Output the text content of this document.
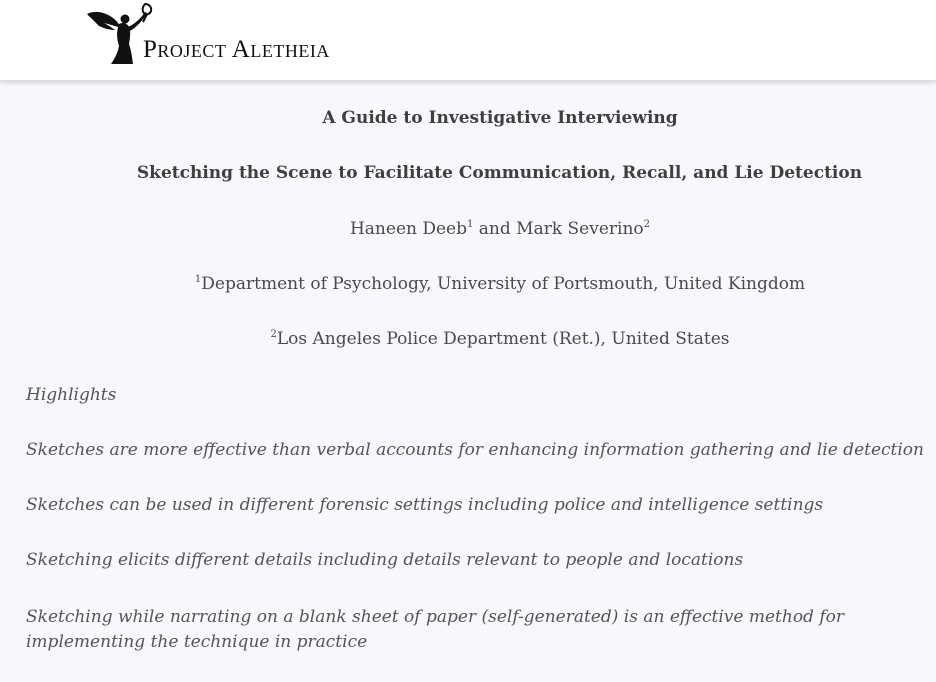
Project Aletheia
A Guide to Investigative Interviewing
Sketching the Scene to Facilitate Communication, Recall, and Lie Detection
Haneen Deeb$^1$ and Mark Severino$^2$
$^1$Department of Psychology, University of Portsmouth, United Kingdom
$^2$Los Angeles Police Department (Ret.), United States
Highlights
Sketches are more effective than verbal accounts for enhancing information gathering and lie detection
Sketches can be used in different forensic settings including police and intelligence settings
Sketching elicits different details including details relevant to people and locations
Sketching while narrating on a blank sheet of paper (self-generated) is an effective method for implementing the technique in practice
